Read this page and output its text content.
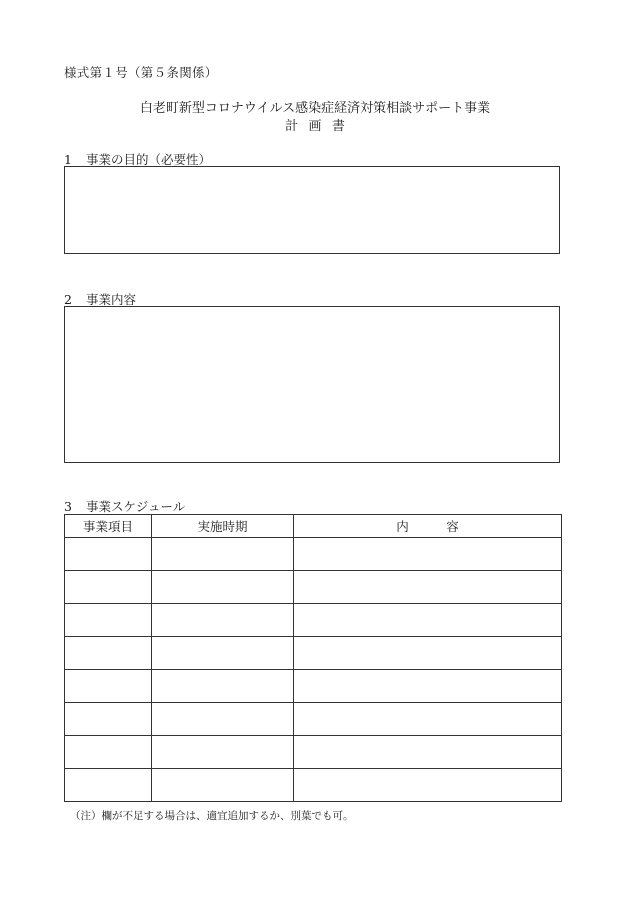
様式第１号（第５条関係）
白老町新型コロナウイルス感染症経済対策相談サポート事業
計画書
1 事業の目的（必要性）
2 事業内容
3 事業スケジュール
事業項目	実施時期	内　　　容

（注）欄が不足する場合は、適宜追加するか、別葉でも可。
